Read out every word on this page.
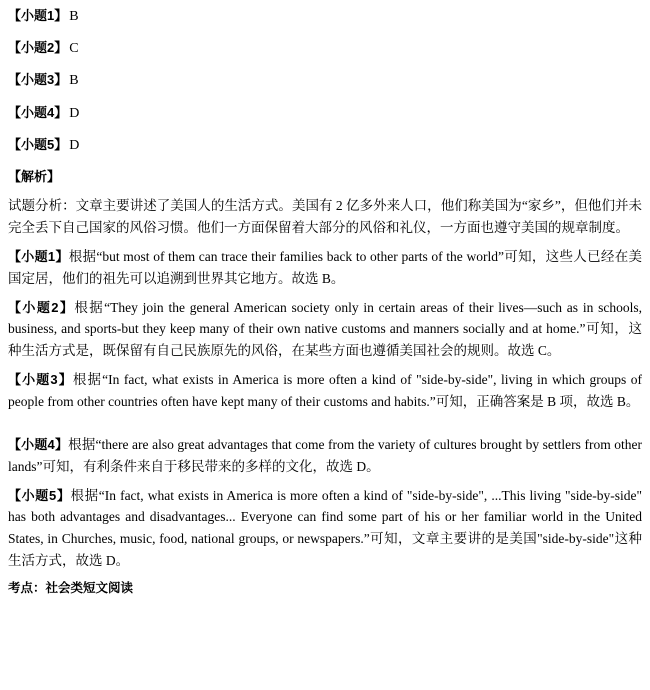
【小题1】 B
【小题2】 C
【小题3】 B
【小题4】 D
【小题5】 D
【解析】
试题分析：文章主要讲述了美国人的生活方式。美国有 2 亿多外来人口，他们称美国为“家乡”，但他们并未完全丢下自己国家的风俗习惯。他们一方面保留着大部分的风俗和礼仪，一方面也遵守美国的规章制度。
【小题1】根据“but most of them can trace their families back to other parts of the world”可知，这些人已经在美国定居，他们的祖先可以追溯到世界其它地方。故选 B。
【小题2】根据“They join the general American society only in certain areas of their lives—such as in schools, business, and sports-but they keep many of their own native customs and manners socially and at home.”可知，这种生活方式是，既保留有自己民族原先的风俗，在某些方面也遵循美国社会的规则。故选 C。
【小题3】根据“In fact, what exists in America is more often a kind of "side-by-side", living in which groups of people from other countries often have kept many of their customs and habits.”可知，正确答案是 B 项，故选 B。
【小题4】根据“there are also great advantages that come from the variety of cultures brought by settlers from other lands”可知，有利条件来自于移民带来的多样的文化，故选 D。
【小题5】根据“In fact, what exists in America is more often a kind of "side-by-side", ...This living "side-by-side" has both advantages and disadvantages... Everyone can find some part of his or her familiar world in the United States, in Churches, music, food, national groups, or newspapers.”可知，文章主要讲的是美国"side-by-side"这种生活方式，故选 D。
考点：社会类短文阅读
